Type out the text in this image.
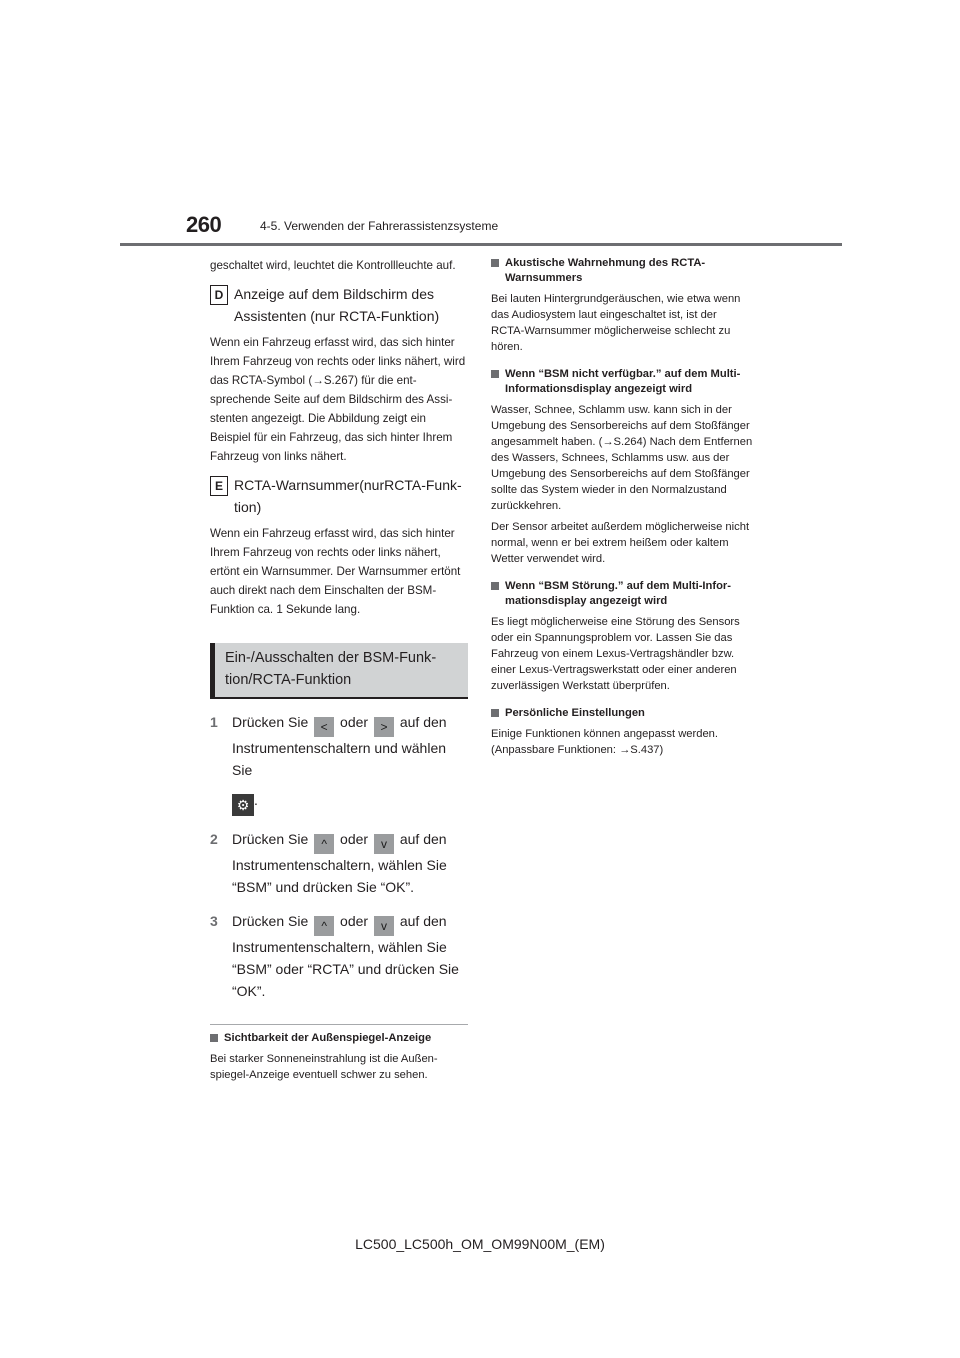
260	4-5. Verwenden der Fahrerassistenzsysteme

geschaltet wird, leuchtet die Kontrollleuchte auf.

D Anzeige auf dem Bildschirm des Assistenten (nur RCTA-Funktion)
Wenn ein Fahrzeug erfasst wird, das sich hinter Ihrem Fahrzeug von rechts oder links nähert, wird das RCTA-Symbol (→S.267) für die entsprechende Seite auf dem Bildschirm des Assistenten angezeigt. Die Abbildung zeigt ein Beispiel für ein Fahrzeug, das sich hinter Ihrem Fahrzeug von links nähert.
E RCTA-Warnsummer(nurRCTA-Funktion)
Wenn ein Fahrzeug erfasst wird, das sich hinter Ihrem Fahrzeug von rechts oder links nähert, ertönt ein Warnsummer. Der Warnsummer ertönt auch direkt nach dem Einschalten der BSM-Funktion ca. 1 Sekunde lang.
Ein-/Ausschalten der BSM-Funktion/RCTA-Funktion
1 Drücken Sie < oder > auf den Instrumentenschaltern und wählen Sie
⚙ .
2 Drücken Sie ^ oder v auf den Instrumentenschaltern, wählen Sie “BSM” und drücken Sie “OK”.
3 Drücken Sie ^ oder v auf den Instrumentenschaltern, wählen Sie “BSM” oder “RCTA” und drücken Sie “OK”.
Sichtbarkeit der Außenspiegel-Anzeige
Bei starker Sonneneinstrahlung ist die Außenspiegel-Anzeige eventuell schwer zu sehen.
Akustische Wahrnehmung des RCTA-Warnsummers
Bei lauten Hintergrundgeräuschen, wie etwa wenn das Audiosystem laut eingeschaltet ist, ist der RCTA-Warnsummer möglicherweise schlecht zu hören.
Wenn “BSM nicht verfügbar.” auf dem Multi-Informationsdisplay angezeigt wird
Wasser, Schnee, Schlamm usw. kann sich in der Umgebung des Sensorbereichs auf dem Stoßfänger angesammelt haben. (→S.264) Nach dem Entfernen des Wassers, Schnees, Schlamms usw. aus der Umgebung des Sensorbereichs auf dem Stoßfänger sollte das System wieder in den Normalzustand zurückkehren.
Der Sensor arbeitet außerdem möglicherweise nicht normal, wenn er bei extrem heißem oder kaltem Wetter verwendet wird.
Wenn “BSM Störung.” auf dem Multi-Informationsdisplay angezeigt wird
Es liegt möglicherweise eine Störung des Sensors oder ein Spannungsproblem vor. Lassen Sie das Fahrzeug von einem Lexus-Vertragshändler bzw. einer Lexus-Vertragswerkstatt oder einer anderen zuverlässigen Werkstatt überprüfen.
Persönliche Einstellungen
Einige Funktionen können angepasst werden. (Anpassbare Funktionen: →S.437)
LC500_LC500h_OM_OM99N00M_(EM)
